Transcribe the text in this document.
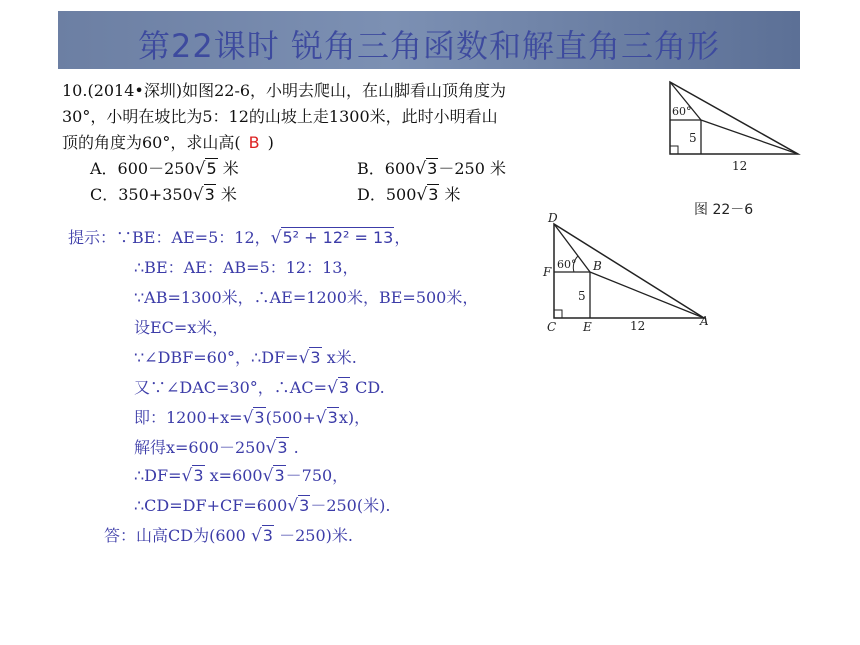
第22课时 锐角三角函数和解直角三角形
10.(2014•深圳)如图22-6，小明去爬山，在山脚看山顶角度为
30°，小明在坡比为5：12的山坡上走1300米，此时小明看山
顶的角度为60°，求山高( B )
A．600－250√5 米	B．600√3－250 米
C．350+350√3 米	D．500√3 米
60°
5
12
图 22－6
D
F	B
C E	A
60°
5
12
提示：∵BE：AE=5：12，√5² + 12² = 13，
∴BE：AE：AB=5：12：13，
∵AB=1300米，∴AE=1200米，BE=500米，
设EC=x米，
∵∠DBF=60°，∴DF=√3 x米.
又∵∠DAC=30°，∴AC=√3 CD.
即：1200+x=√3(500+√3x)，
解得x=600－250√3 .
∴DF=√3 x=600√3－750，
∴CD=DF+CF=600√3－250(米).
答：山高CD为(600 √3 －250)米.
